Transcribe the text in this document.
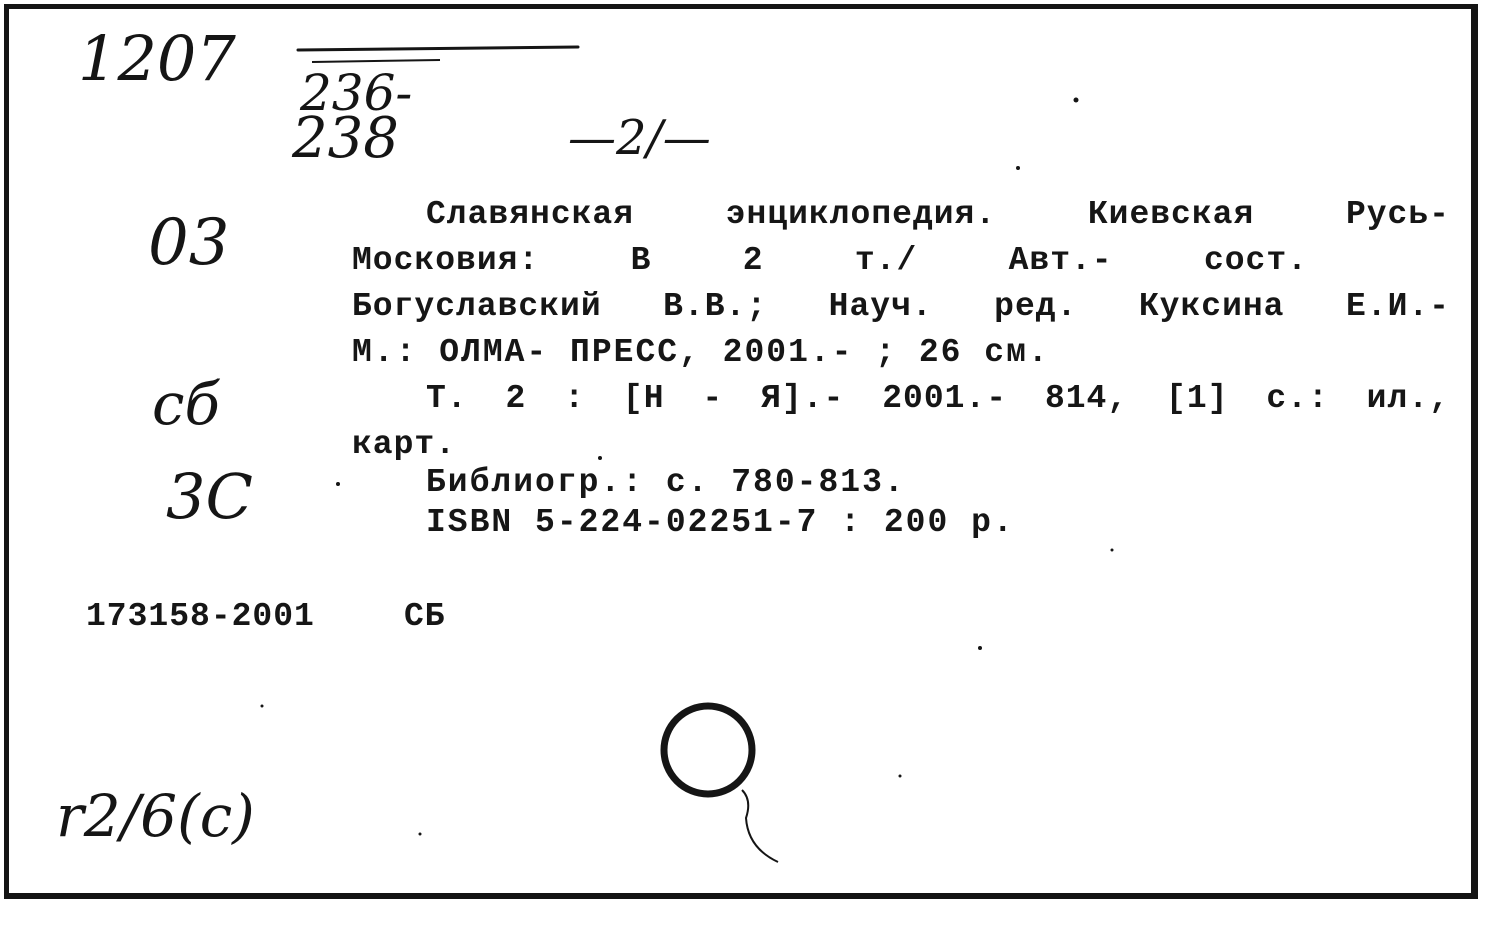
1207 236-
238	—2/—
03
сб
3С
r2/6(c)
Славянская	энциклопедия.	Киевская	Русь-
Московия:	В	2	т./	Авт.-	сост.
Богуславский В.В.; Науч. ред. Куксина Е.И.-
М.: ОЛМА- ПРЕСС, 2001.- ; 26 см.
Т. 2 : [Н - Я].- 2001.- 814, [1] с.: ил.,
карт.
Библиогр.: с. 780-813.
ISBN 5-224-02251-7 : 200 р.
173158-2001	СБ
